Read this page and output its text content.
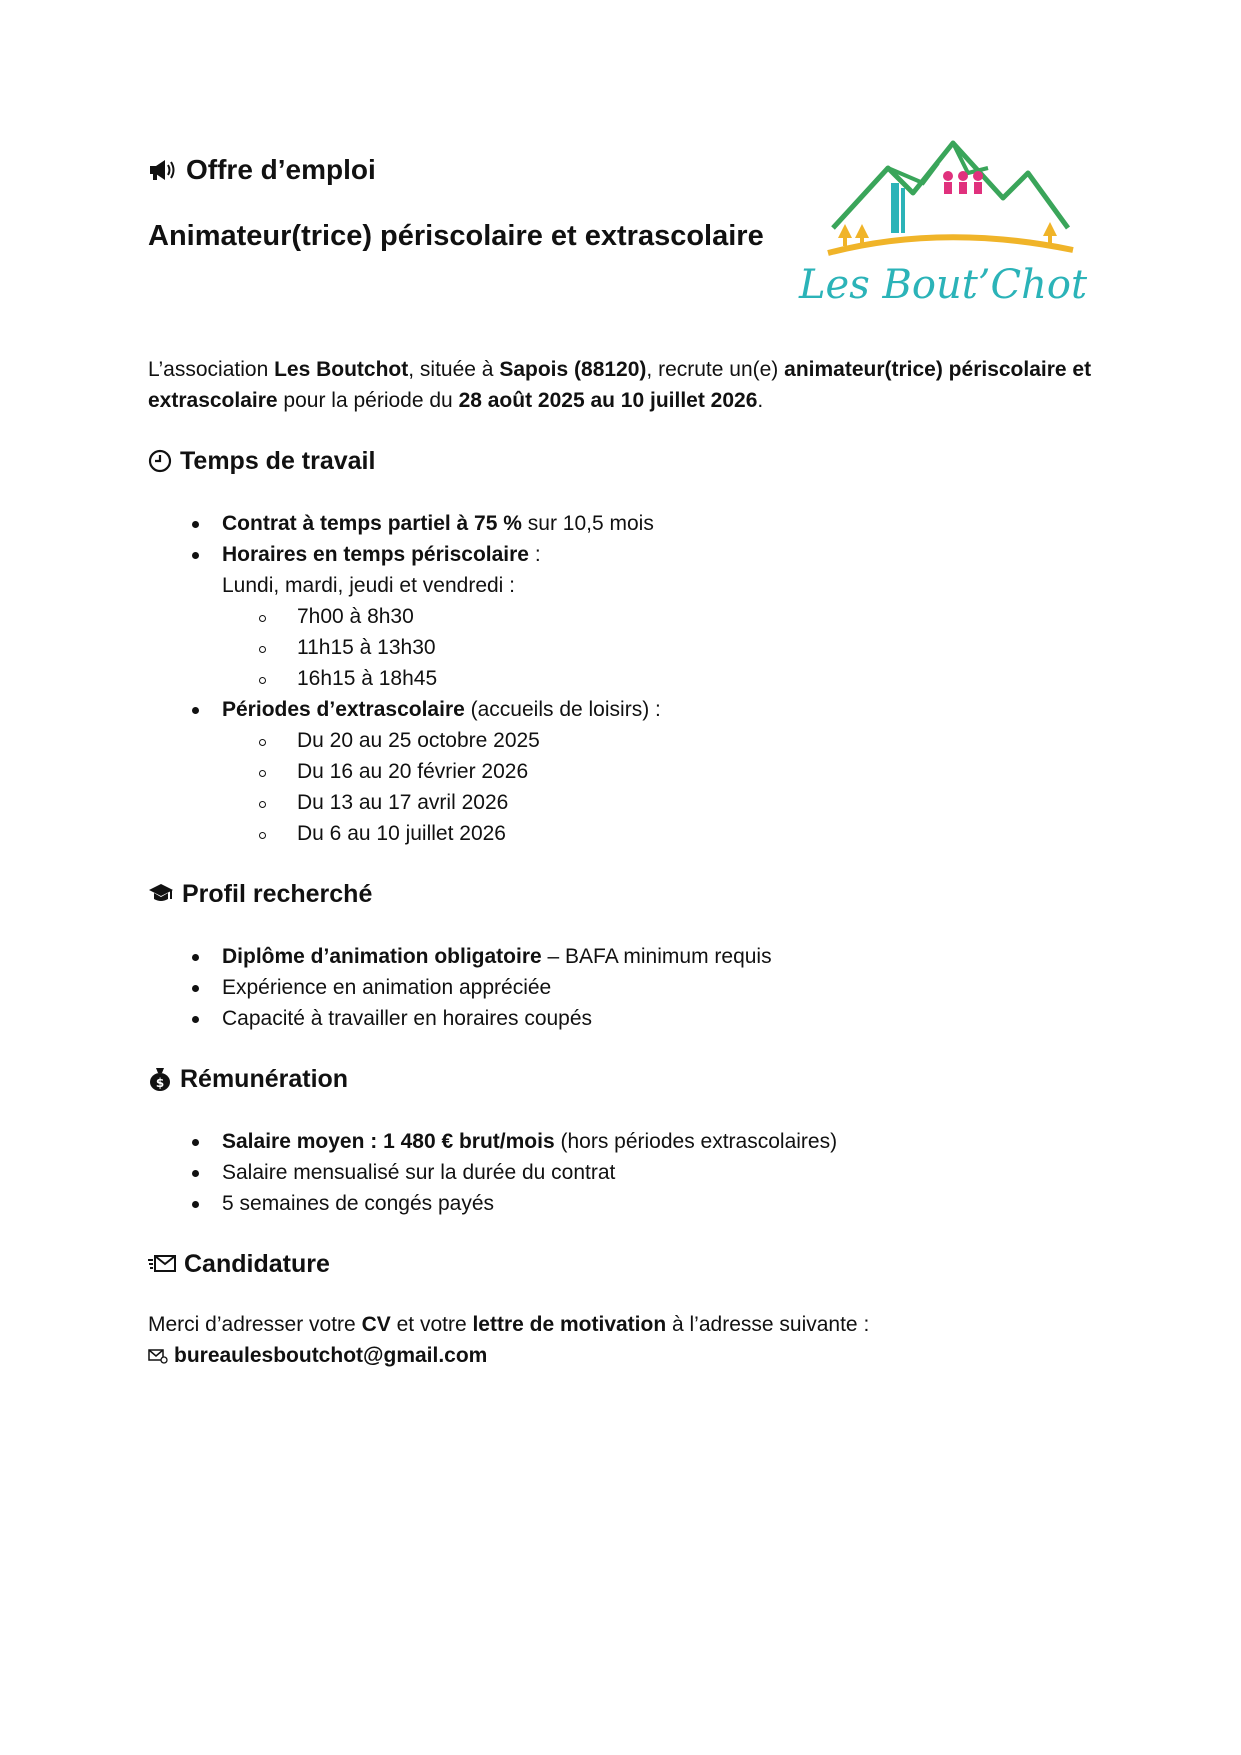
Offre d’emploi
Animateur(trice) périscolaire et extrascolaire
Les Bout’Chot

L’association Les Boutchot, située à Sapois (88120), recrute un(e) animateur(trice) périscolaire et extrascolaire pour la période du 28 août 2025 au 10 juillet 2026.

Temps de travail
Contrat à temps partiel à 75 % sur 10,5 mois
Horaires en temps périscolaire :
Lundi, mardi, jeudi et vendredi :
7h00 à 8h30
11h15 à 13h30
16h15 à 18h45
Périodes d’extrascolaire (accueils de loisirs) :
Du 20 au 25 octobre 2025
Du 16 au 20 février 2026
Du 13 au 17 avril 2026
Du 6 au 10 juillet 2026
Profil recherché
Diplôme d’animation obligatoire – BAFA minimum requis
Expérience en animation appréciée
Capacité à travailler en horaires coupés
$ Rémunération
Salaire moyen : 1 480 € brut/mois (hors périodes extrascolaires)
Salaire mensualisé sur la durée du contrat
5 semaines de congés payés
Candidature

Merci d’adresser votre CV et votre lettre de motivation à l’adresse suivante :

bureaulesboutchot@gmail.com
